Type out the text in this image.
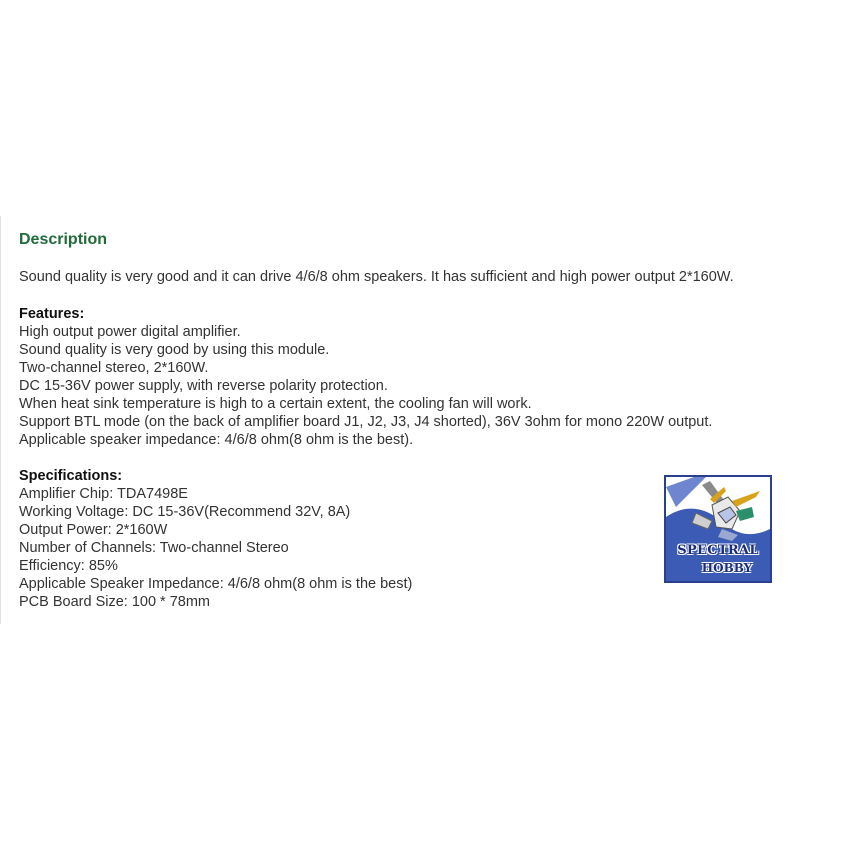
Description

Sound quality is very good and it can drive 4/6/8 ohm speakers. It has sufficient and high power output 2*160W.

Features:
High output power digital amplifier.
Sound quality is very good by using this module.
Two-channel stereo, 2*160W.
DC 15-36V power supply, with reverse polarity protection.
When heat sink temperature is high to a certain extent, the cooling fan will work.
Support BTL mode (on the back of amplifier board J1, J2, J3, J4 shorted), 36V 3ohm for mono 220W output.
Applicable speaker impedance: 4/6/8 ohm(8 ohm is the best).
Specifications:
Amplifier Chip: TDA7498E
Working Voltage: DC 15-36V(Recommend 32V, 8A)
Output Power: 2*160W
Number of Channels: Two-channel Stereo
Efficiency: 85%
Applicable Speaker Impedance: 4/6/8 ohm(8 ohm is the best)
PCB Board Size: 100 * 78mm
SPECTRAL
HOBBY
